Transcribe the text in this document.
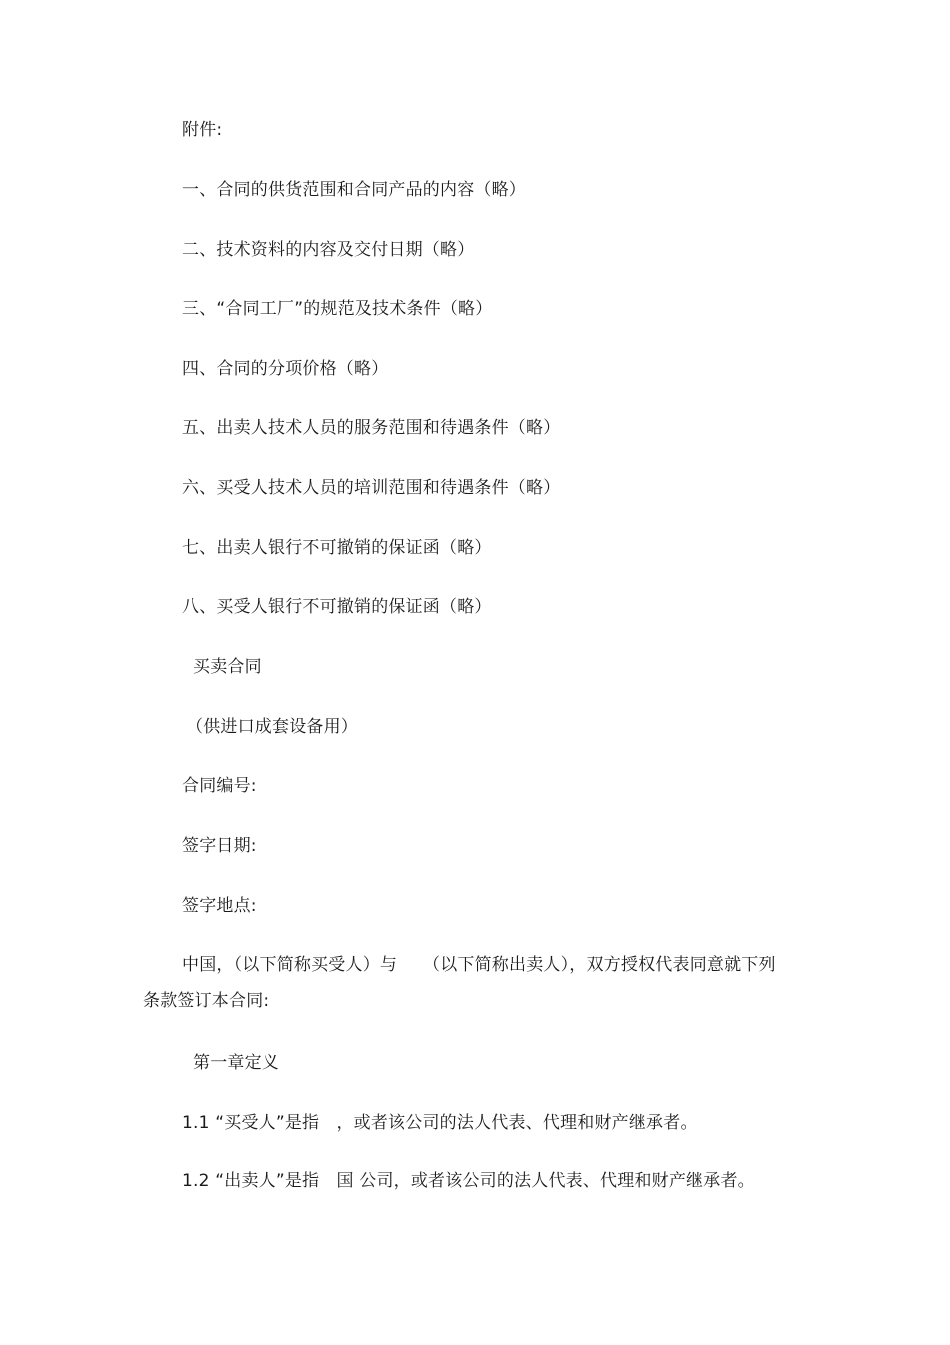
附件:
一、合同的供货范围和合同产品的内容（略）
二、技术资料的内容及交付日期（略）
三、“合同工厂”的规范及技术条件（略）
四、合同的分项价格（略）
五、出卖人技术人员的服务范围和待遇条件（略）
六、买受人技术人员的培训范围和待遇条件（略）
七、出卖人银行不可撤销的保证函（略）
八、买受人银行不可撤销的保证函（略）
买卖合同
（供进口成套设备用）
合同编号:
签字日期:
签字地点:
中国，（以下简称买受人）与　　（以下简称出卖人），双方授权代表同意就下列条款签订本合同:
第一章定义
1.1 “买受人”是指　，或者该公司的法人代表、代理和财产继承者。
1.2 “出卖人”是指　国 公司，或者该公司的法人代表、代理和财产继承者。
